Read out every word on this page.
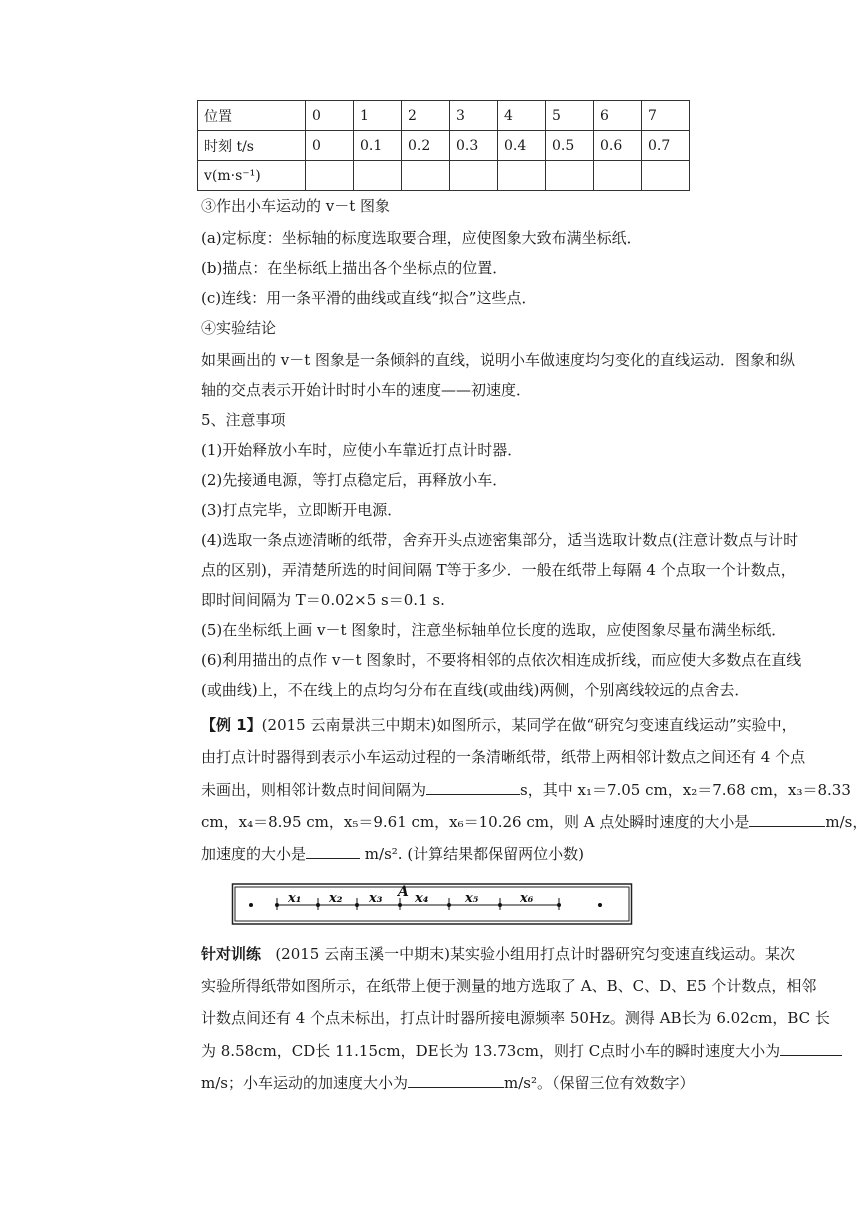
位置	0	1	2	3	4	5	6	7
时刻 t/s	0	0.1	0.2	0.3	0.4	0.5	0.6	0.7
v(m·s⁻¹)								
③作出小车运动的 v－t 图象
(a)定标度：坐标轴的标度选取要合理，应使图象大致布满坐标纸．
(b)描点：在坐标纸上描出各个坐标点的位置．
(c)连线：用一条平滑的曲线或直线“拟合”这些点．
④实验结论
如果画出的 v－t 图象是一条倾斜的直线，说明小车做速度均匀变化的直线运动．图象和纵
轴的交点表示开始计时时小车的速度——初速度．
5、注意事项
(1)开始释放小车时，应使小车靠近打点计时器．
(2)先接通电源，等打点稳定后，再释放小车．
(3)打点完毕，立即断开电源．
(4)选取一条点迹清晰的纸带，舍弃开头点迹密集部分，适当选取计数点(注意计数点与计时
点的区别)，弄清楚所选的时间间隔 T等于多少．一般在纸带上每隔 4 个点取一个计数点，
即时间间隔为 T＝0.02×5 s＝0.1 s.
(5)在坐标纸上画 v－t 图象时，注意坐标轴单位长度的选取，应使图象尽量布满坐标纸．
(6)利用描出的点作 v－t 图象时，不要将相邻的点依次相连成折线，而应使大多数点在直线
(或曲线)上，不在线上的点均匀分布在直线(或曲线)两侧，个别离线较远的点舍去．
【例 1】(2015 云南景洪三中期末)如图所示，某同学在做“研究匀变速直线运动”实验中，
由打点计时器得到表示小车运动过程的一条清晰纸带，纸带上两相邻计数点之间还有 4 个点
未画出，则相邻计数点时间间隔为	s，其中 x₁＝7.05 cm，x₂＝7.68 cm，x₃＝8.33
cm，x₄＝8.95 cm，x₅＝9.61 cm，x₆＝10.26 cm，则 A 点处瞬时速度的大小是	m/s，
加速度的大小是	m/s². (计算结果都保留两位小数)
A
x₁ x₂ x₃	x₄	x₅	x₆
针对训练 (2015 云南玉溪一中期末)某实验小组用打点计时器研究匀变速直线运动。某次
实验所得纸带如图所示，在纸带上便于测量的地方选取了 A、B、C、D、E5 个计数点，相邻
计数点间还有 4 个点未标出，打点计时器所接电源频率 50Hz。测得 AB长为 6.02cm，BC 长
为 8.58cm，CD长 11.15cm，DE长为 13.73cm，则打 C点时小车的瞬时速度大小为
m/s；小车运动的加速度大小为	m/s²。（保留三位有效数字）
